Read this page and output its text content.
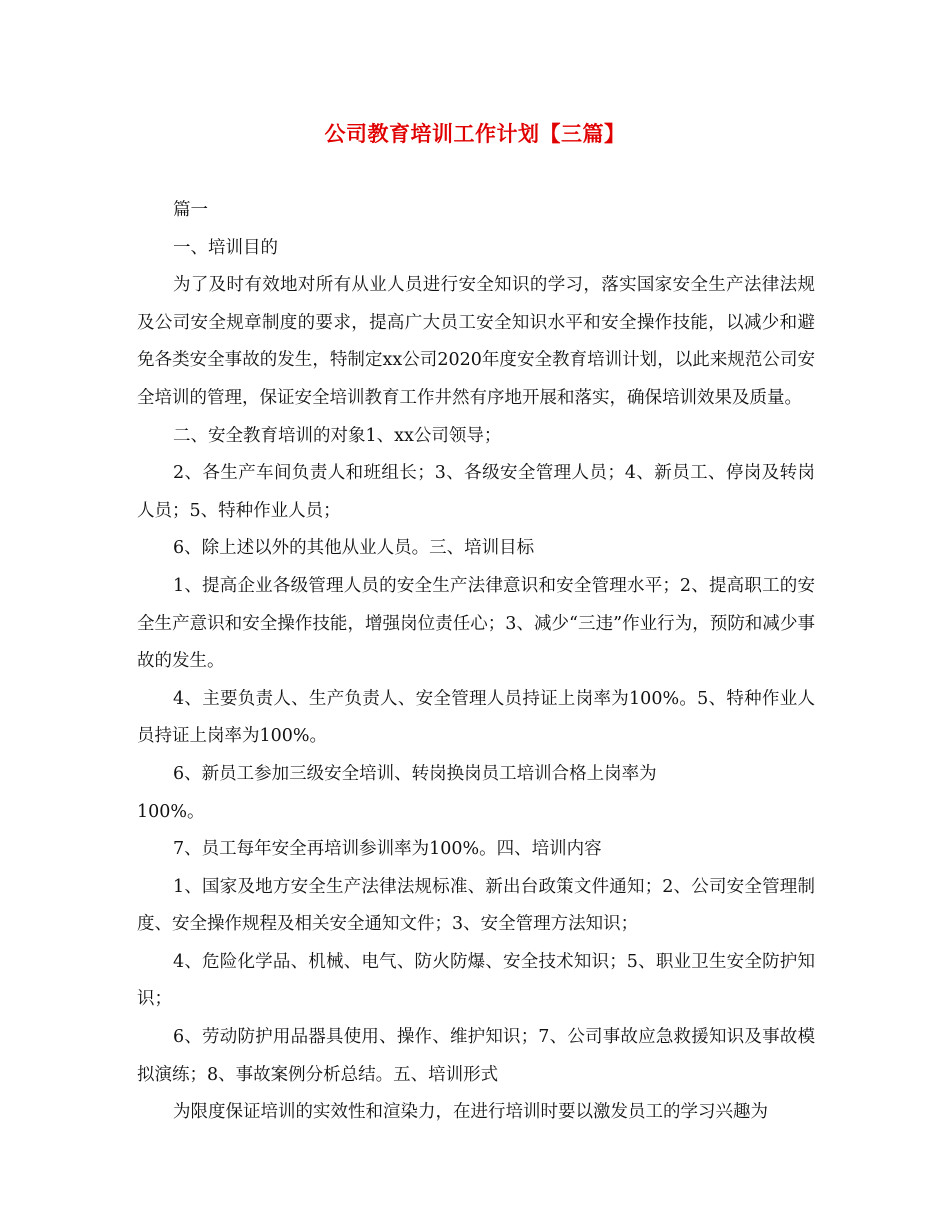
公司教育培训工作计划【三篇】

篇一

一、培训目的

为了及时有效地对所有从业人员进行安全知识的学习，落实国家安全生产法律法规及公司安全规章制度的要求，提高广大员工安全知识水平和安全操作技能，以减少和避免各类安全事故的发生，特制定xx公司2020年度安全教育培训计划，以此来规范公司安全培训的管理，保证安全培训教育工作井然有序地开展和落实，确保培训效果及质量。

二、安全教育培训的对象1、xx公司领导；

2、各生产车间负责人和班组长；3、各级安全管理人员；4、新员工、停岗及转岗人员；5、特种作业人员；

6、除上述以外的其他从业人员。三、培训目标

1、提高企业各级管理人员的安全生产法律意识和安全管理水平；2、提高职工的安全生产意识和安全操作技能，增强岗位责任心；3、减少“三违”作业行为，预防和减少事故的发生。

4、主要负责人、生产负责人、安全管理人员持证上岗率为100%。5、特种作业人员持证上岗率为100%。

6、新员工参加三级安全培训、转岗换岗员工培训合格上岗率为

100%。

7、员工每年安全再培训参训率为100%。四、培训内容

1、国家及地方安全生产法律法规标准、新出台政策文件通知；2、公司安全管理制度、安全操作规程及相关安全通知文件；3、安全管理方法知识；

4、危险化学品、机械、电气、防火防爆、安全技术知识；5、职业卫生安全防护知识；

6、劳动防护用品器具使用、操作、维护知识；7、公司事故应急救援知识及事故模拟演练；8、事故案例分析总结。五、培训形式

为限度保证培训的实效性和渲染力，在进行培训时要以激发员工的学习兴趣为
